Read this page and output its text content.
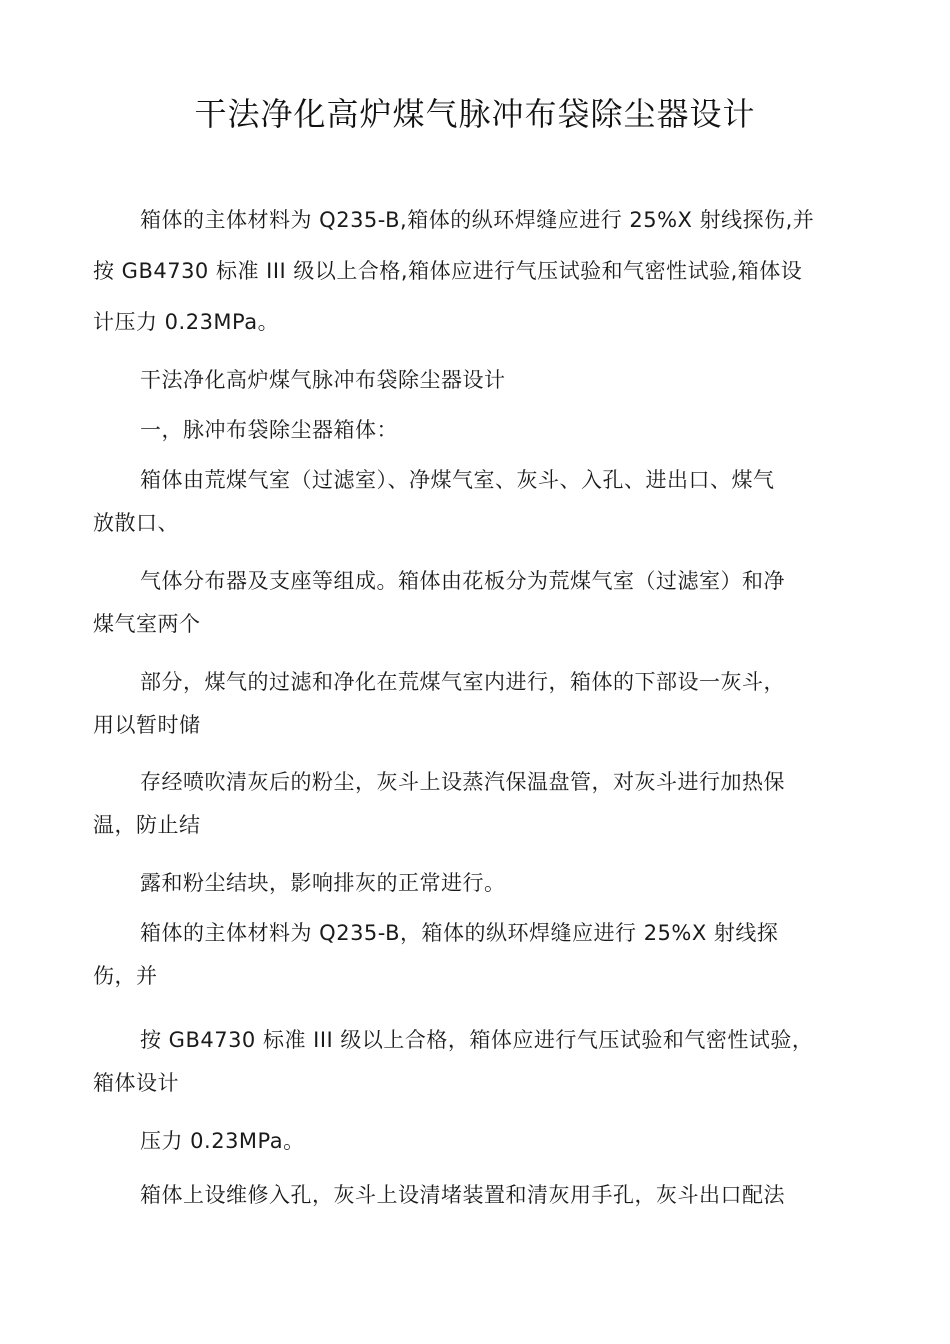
干法净化高炉煤气脉冲布袋除尘器设计
箱体的主体材料为 Q235-B,箱体的纵环焊缝应进行 25%X 射线探伤,并
按 GB4730 标准 III 级以上合格,箱体应进行气压试验和气密性试验,箱体设
计压力 0.23MPa。
干法净化高炉煤气脉冲布袋除尘器设计
一，脉冲布袋除尘器箱体：
箱体由荒煤气室（过滤室）、净煤气室、灰斗、入孔、进出口、煤气
放散口、
气体分布器及支座等组成。箱体由花板分为荒煤气室（过滤室）和净
煤气室两个
部分，煤气的过滤和净化在荒煤气室内进行，箱体的下部设一灰斗，
用以暂时储
存经喷吹清灰后的粉尘，灰斗上设蒸汽保温盘管，对灰斗进行加热保
温，防止结
露和粉尘结块，影响排灰的正常进行。
箱体的主体材料为 Q235-B，箱体的纵环焊缝应进行 25%X 射线探
伤，并
按 GB4730 标准 III 级以上合格，箱体应进行气压试验和气密性试验，
箱体设计
压力 0.23MPa。
箱体上设维修入孔，灰斗上设清堵装置和清灰用手孔，灰斗出口配法
